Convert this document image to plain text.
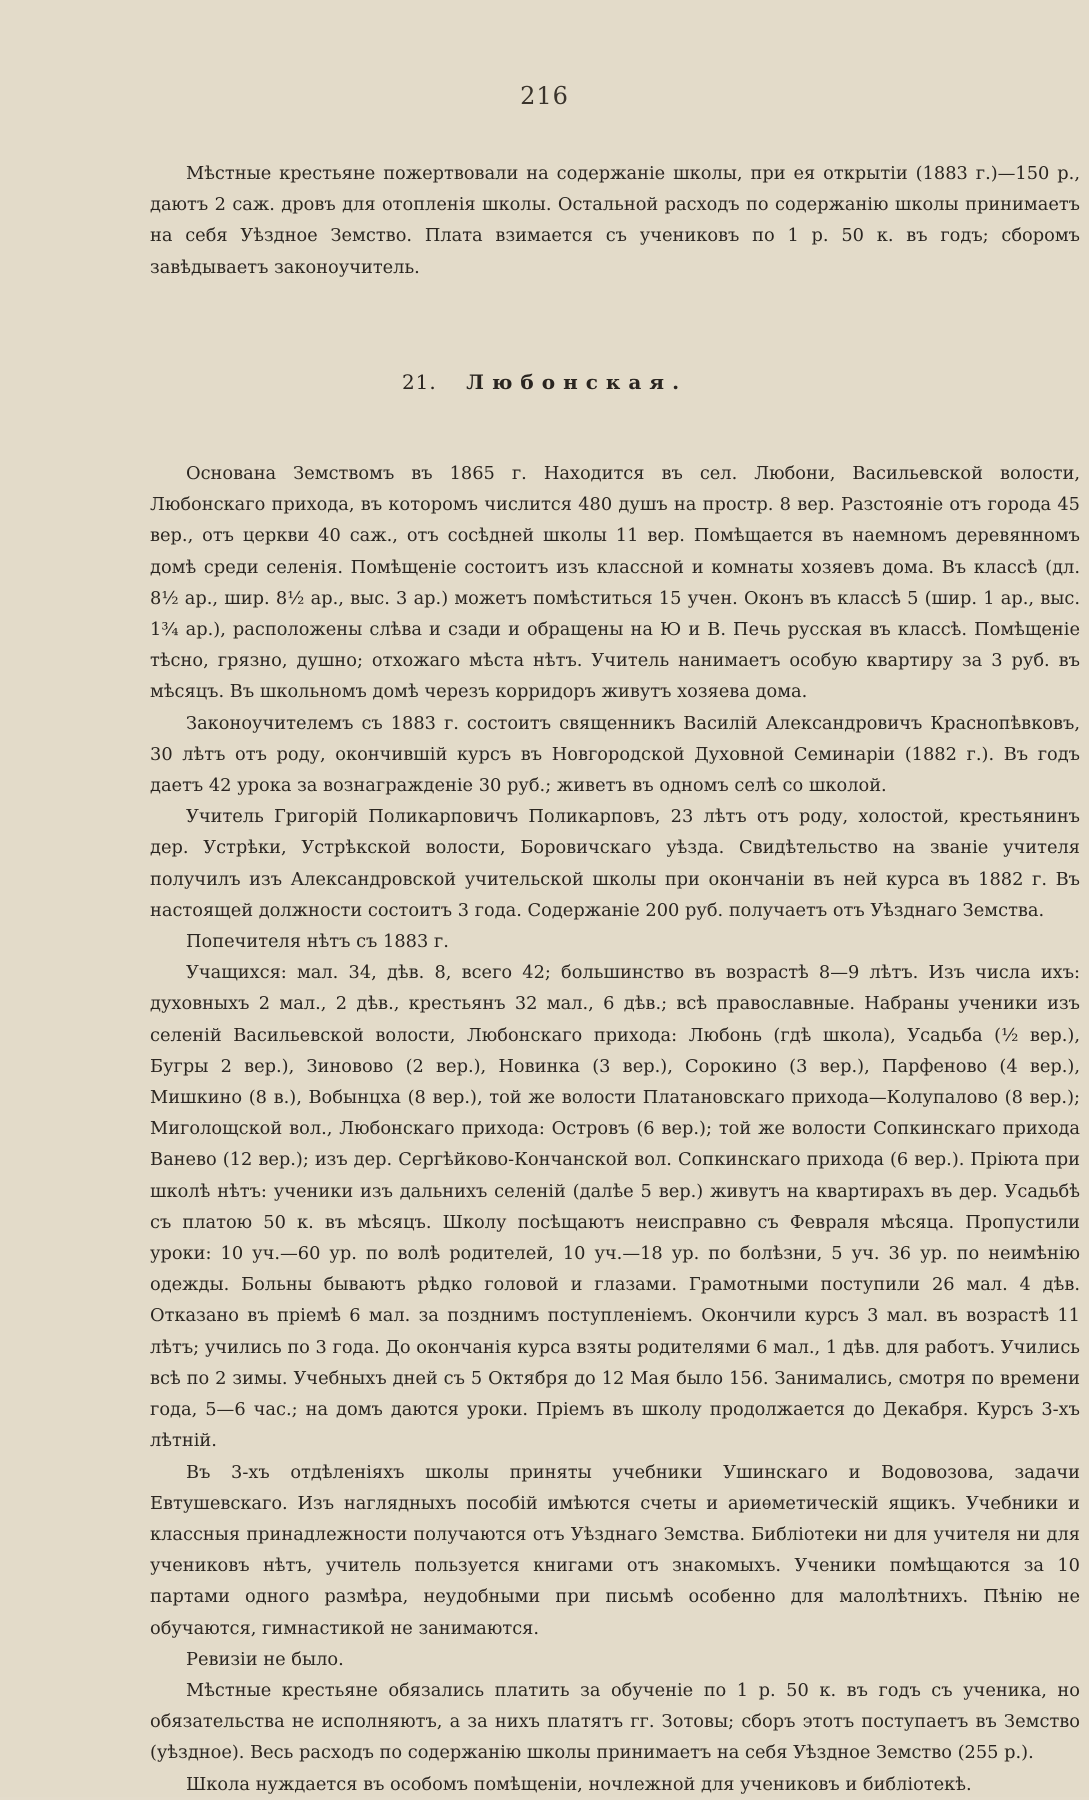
216

Мѣстные крестьяне пожертвовали на содержаніе школы, при ея открытіи (1883 г.)—150 р., даютъ 2 саж. дровъ для отопленія школы. Остальной расходъ по содержанію школы принимаетъ на себя Уѣздное Земство. Плата взимается съ учениковъ по 1 р. 50 к. въ годъ; сборомъ завѣдываетъ законоучитель.

21. Любонская.

Основана Земствомъ въ 1865 г. Находится въ сел. Любони, Васильевской волости, Любонскаго прихода, въ которомъ числится 480 душъ на простр. 8 вер. Разстояніе отъ города 45 вер., отъ церкви 40 саж., отъ сосѣдней школы 11 вер. Помѣщается въ наемномъ деревянномъ домѣ среди селенія. Помѣщеніе состоитъ изъ классной и комнаты хозяевъ дома. Въ классѣ (дл. 8½ ар., шир. 8½ ар., выс. 3 ар.) можетъ помѣститься 15 учен. Оконъ въ классѣ 5 (шир. 1 ар., выс. 1¾ ар.), расположены слѣва и сзади и обращены на Ю и В. Печь русская въ классѣ. Помѣщеніе тѣсно, грязно, душно; отхожаго мѣста нѣтъ. Учитель нанимаетъ особую квартиру за 3 руб. въ мѣсяцъ. Въ школьномъ домѣ черезъ корридоръ живутъ хозяева дома.

Законоучителемъ съ 1883 г. состоитъ священникъ Василій Александровичъ Краснопѣвковъ, 30 лѣтъ отъ роду, окончившій курсъ въ Новгородской Духовной Семинаріи (1882 г.). Въ годъ даетъ 42 урока за вознагражденіе 30 руб.; живетъ въ одномъ селѣ со школой.

Учитель Григорій Поликарповичъ Поликарповъ, 23 лѣтъ отъ роду, холостой, крестьянинъ дер. Устрѣки, Устрѣкской волости, Боровичскаго уѣзда. Свидѣтельство на званіе учителя получилъ изъ Александровской учительской школы при окончаніи въ ней курса въ 1882 г. Въ настоящей должности состоитъ 3 года. Содержаніе 200 руб. получаетъ отъ Уѣзднаго Земства.

Попечителя нѣтъ съ 1883 г.

Учащихся: мал. 34, дѣв. 8, всего 42; большинство въ возрастѣ 8—9 лѣтъ. Изъ числа ихъ: духовныхъ 2 мал., 2 дѣв., крестьянъ 32 мал., 6 дѣв.; всѣ православные. Набраны ученики изъ селеній Васильевской волости, Любонскаго прихода: Любонь (гдѣ школа), Усадьба (½ вер.), Бугры 2 вер.), Зиновово (2 вер.), Новинка (3 вер.), Сорокино (3 вер.), Парфеново (4 вер.), Мишкино (8 в.), Вобынцха (8 вер.), той же волости Платановскаго прихода—Колупалово (8 вер.); Миголощской вол., Любонскаго прихода: Островъ (6 вер.); той же волости Сопкинскаго прихода Ванево (12 вер.); изъ дер. Сергѣйково-Кончанской вол. Сопкинскаго прихода (6 вер.). Пріюта при школѣ нѣтъ: ученики изъ дальнихъ селеній (далѣе 5 вер.) живутъ на квартирахъ въ дер. Усадьбѣ съ платою 50 к. въ мѣсяцъ. Школу посѣщаютъ неисправно съ Февраля мѣсяца. Пропустили уроки: 10 уч.—60 ур. по волѣ родителей, 10 уч.—18 ур. по болѣзни, 5 уч. 36 ур. по неимѣнію одежды. Больны бываютъ рѣдко головой и глазами. Грамотными поступили 26 мал. 4 дѣв. Отказано въ пріемѣ 6 мал. за позднимъ поступленіемъ. Окончили курсъ 3 мал. въ возрастѣ 11 лѣтъ; учились по 3 года. До окончанія курса взяты родителями 6 мал., 1 дѣв. для работъ. Учились всѣ по 2 зимы. Учебныхъ дней съ 5 Октября до 12 Мая было 156. Занимались, смотря по времени года, 5—6 час.; на домъ даются уроки. Пріемъ въ школу продолжается до Декабря. Курсъ 3-хъ лѣтній.

Въ 3-хъ отдѣленіяхъ школы приняты учебники Ушинскаго и Водовозова, задачи Евтушевскаго. Изъ наглядныхъ пособій имѣются счеты и ариѳметическій ящикъ. Учебники и классныя принадлежности получаются отъ Уѣзднаго Земства. Библіотеки ни для учителя ни для учениковъ нѣтъ, учитель пользуется книгами отъ знакомыхъ. Ученики помѣщаются за 10 партами одного размѣра, неудобными при письмѣ особенно для малолѣтнихъ. Пѣнію не обучаются, гимнастикой не занимаются.

Ревизіи не было.

Мѣстные крестьяне обязались платить за обученіе по 1 р. 50 к. въ годъ съ ученика, но обязательства не исполняютъ, а за нихъ платятъ гг. Зотовы; сборъ этотъ поступаетъ въ Земство (уѣздное). Весь расходъ по содержанію школы принимаетъ на себя Уѣздное Земство (255 р.).

Школа нуждается въ особомъ помѣщеніи, ночлежной для учениковъ и библіотекѣ.
